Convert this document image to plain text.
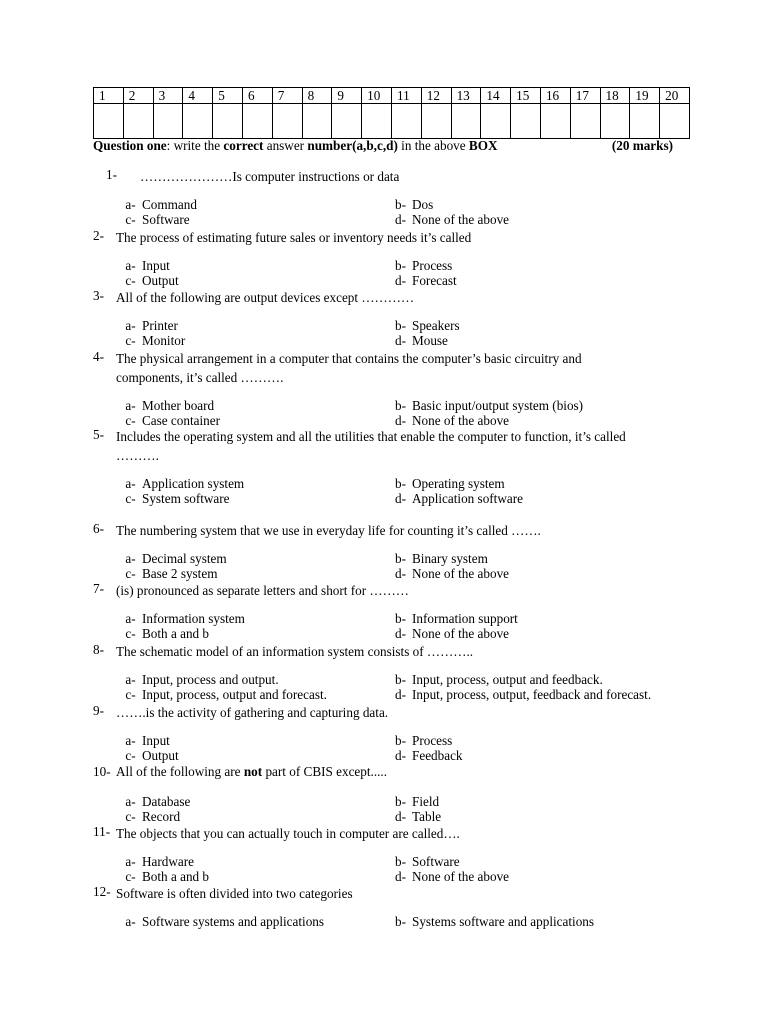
1	2	3	4	5	6	7	8	9	10	11	12	13	14	15	16	17	18	19	20

Question one: write the correct answer number(a,b,c,d) in the above BOX	(20 marks)
1- …………………Is computer instructions or data
a- Command	b- Dos
c- Software	d- None of the above
2- The process of estimating future sales or inventory needs it’s called
a- Input	b- Process
c- Output	d- Forecast
3- All of the following are output devices except …………
a- Printer	b- Speakers
c- Monitor	d- Mouse
4- The physical arrangement in a computer that contains the computer’s basic circuitry and
components, it’s called ……….
a- Mother board	b- Basic input/output system (bios)
c- Case container	d- None of the above
5- Includes the operating system and all the utilities that enable the computer to function, it’s called
……….
a- Application system	b- Operating system
c- System software	d- Application software
6- The numbering system that we use in everyday life for counting it’s called …….
a- Decimal system	b- Binary system
c- Base 2 system	d- None of the above
7- (is) pronounced as separate letters and short for ………
a- Information system	b- Information support
c- Both a and b	d- None of the above
8- The schematic model of an information system consists of ………..
a- Input, process and output.	b- Input, process, output and feedback.
c- Input, process, output and forecast.	d- Input, process, output, feedback and forecast.
9- …….is the activity of gathering and capturing data.
a- Input	b- Process
c- Output	d- Feedback
10- All of the following are not part of CBIS except.....
a- Database	b- Field
c- Record	d- Table
11- The objects that you can actually touch in computer are called….
a- Hardware	b- Software
c- Both a and b	d- None of the above
12- Software is often divided into two categories
a- Software systems and applications	b- Systems software and applications
